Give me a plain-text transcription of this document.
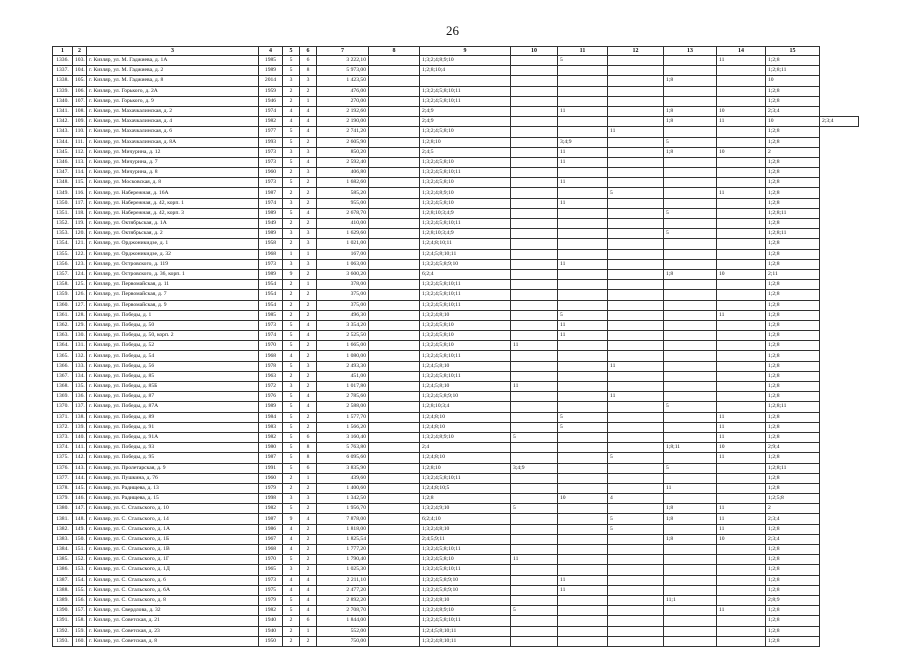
26
1	2	3	4	5	6	7	8	9	10	11	12	13	14	15	
1336.	103.	г. Кизляр, ул. М. Гаджиева, д. 1А	1985	5	6	3 222,10		1;3;2;4;8;9;10		5			11	1;2;8	
1337.	104.	г. Кизляр, ул. М. Гаджиева, д. 2	1989	5	8	5 973,00		1;2;8;10;4						1;2;8;11	
1338.	105.	г. Кизляр, ул. М. Гаджиева, д. 8	2014	3	3	1 423,50						1;8		10	
1339.	106.	г. Кизляр, ул. Горького, д. 2А	1959	2	2	476,00		1;3;2;4;5;8;10;11						1;2;8	
1340.	107.	г. Кизляр, ул. Горького, д. 9	1946	2	1	270,00		1;3;2;4;5;8;10;11						1;2;8	
1341.	108.	г. Кизляр, ул. Махачкалинская, д. 2	1974	4	4	2 192,60		2;4;9		11		1;8	10	2;3;4	
1342.	109.	г. Кизляр, ул. Махачкалинская, д. 4	1982	4	4	2 190,00		2;4;9				1;8	11	10	2;3;4
1343.	110.	г. Кизляр, ул. Махачкалинская, д. 6	1977	5	4	2 741,20		1;3;2;4;5;8;10			11			1;2;8	
1344.	111.	г. Кизляр, ул. Махачкалинская, д. 8А	1993	5	2	2 605,90		1;2;8;10		3;4;9		5		1;2;8	
1345.	112.	г. Кизляр, ул. Мичурина, д. 12	1973	3	3	850,20		2;4;5		11		1;8	10	2	
1346.	113.	г. Кизляр, ул. Мичурина, д. 7	1973	5	4	2 592,40		1;3;2;4;5;8;10		11				1;2;8	
1347.	114.	г. Кизляр, ул. Мичурина, д. 8	1960	2	3	406,80		1;3;2;4;5;8;10;11						1;2;8	
1348.	115.	г. Кизляр, ул. Московская, д. 8	1973	5	2	1 682,60		1;3;2;4;5;8;10		11				1;2;8	
1349.	116.	г. Кизляр, ул. Набережная, д. 16А	1987	2	2	585,20		1;3;2;4;8;9;10			5		11	1;2;8	
1350.	117.	г. Кизляр, ул. Набережная, д. 42, корп. 1	1974	3	2	955,00		1;3;2;4;5;8;10		11				1;2;8	
1351.	118.	г. Кизляр, ул. Набережная, д. 42, корп. 3	1989	5	4	2 678,70		1;2;8;10;3;4;9				5		1;2;8;11	
1352.	119.	г. Кизляр, ул. Октябрьская, д. 1А	1949	2	2	410,00		1;3;2;4;5;8;10;11						1;2;8	
1353.	120.	г. Кизляр, ул. Октябрьская, д. 2	1989	3	3	1 629,60		1;2;8;10;3;4;9				5		1;2;8;11	
1354.	121.	г. Кизляр, ул. Орджоникидзе, д. 1	1958	2	3	1 021,00		1;2;4;8;10;11						1;2;8	
1355.	122.	г. Кизляр, ул. Орджоникидзе, д. 32	1968	1	1	167,00		1;2;4;5;8;10;11						1;2;8	
1356.	123.	г. Кизляр, ул. Островского, д. 119	1973	3	3	1 063,00		1;3;2;4;5;8;9;10		11				1;2;8	
1357.	124.	г. Кизляр, ул. Островского, д. 36, корп. 1	1989	9	2	3 600,20		6;2;4				1;8	10	2;11	
1358.	125.	г. Кизляр, ул. Первомайская, д. 11	1954	2	1	378,00		1;3;2;4;5;8;10;11						1;2;8	
1359.	126.	г. Кизляр, ул. Первомайская, д. 7	1954	2	2	375,00		1;3;2;4;5;8;10;11						1;2;8	
1360.	127.	г. Кизляр, ул. Первомайская, д. 9	1954	2	2	375,00		1;3;2;4;5;8;10;11						1;2;8	
1361.	128.	г. Кизляр, ул. Победы, д. 1	1985	2	2	496,30		1;3;2;4;8;10		5			11	1;2;8	
1362.	129.	г. Кизляр, ул. Победы, д. 50	1973	5	4	3 354,20		1;3;2;4;5;8;10		11				1;2;8	
1363.	130.	г. Кизляр, ул. Победы, д. 50, корп. 2	1974	5	4	2 525,50		1;3;2;4;5;8;10		11				1;2;8	
1364.	131.	г. Кизляр, ул. Победы, д. 52	1970	5	2	1 665,00		1;3;2;4;5;8;10	11					1;2;8	
1365.	132.	г. Кизляр, ул. Победы, д. 54	1968	4	2	1 080,00		1;3;2;4;5;8;10;11						1;2;8	
1366.	133.	г. Кизляр, ул. Победы, д. 56	1978	5	3	2 493,30		1;2;4;5;8;10			11			1;2;8	
1367.	134.	г. Кизляр, ул. Победы, д. 85	1963	2	2	451,00		1;3;2;4;5;8;10;11						1;2;8	
1368.	135.	г. Кизляр, ул. Победы, д. 85Б	1972	3	2	1 017,80		1;2;4;5;8;10	11					1;2;8	
1369.	136.	г. Кизляр, ул. Победы, д. 87	1976	5	4	2 785,60		1;3;2;4;5;8;9;10			11			1;2;8	
1370.	137.	г. Кизляр, ул. Победы, д. 87А	1989	5	4	2 588,00		1;2;8;10;3;4				5		1;2;8;11	
1371.	138.	г. Кизляр, ул. Победы, д. 89	1984	5	2	1 577,70		1;2;4;8;10		5			11	1;2;8	
1372.	139.	г. Кизляр, ул. Победы, д. 91	1983	5	2	1 566,20		1;2;4;8;10		5			11	1;2;8	
1373.	140.	г. Кизляр, ул. Победы, д. 91А	1982	5	6	3 160,40		1;3;2;4;8;9;10	5				11	1;2;8	
1374.	141.	г. Кизляр, ул. Победы, д. 93	1980	5	8	5 763,80		2;4				1;8;11	10	2;9;4	
1375.	142.	г. Кизляр, ул. Победы, д. 95	1987	5	8	6 095,60		1;2;4;8;10			5		11	1;2;8	
1376.	143.	г. Кизляр, ул. Пролетарская, д. 9	1991	5	6	3 835,90		1;2;8;10	3;4;9			5		1;2;8;11	
1377.	144.	г. Кизляр, ул. Пушкина, д. 76	1960	2	1	439,60		1;3;2;4;5;8;10;11						1;2;8	
1378.	145.	г. Кизляр, ул. Радищева, д. 13	1979	2	2	1 400,60		1;2;4;8;10;5				11		1;2;8	
1379.	146.	г. Кизляр, ул. Радищева, д. 15	1998	3	3	1 342,50		1;2;8		10	4			1;2;5;8	
1380.	147.	г. Кизляр, ул. С. Стальского, д. 10	1982	5	2	1 956,70		1;3;2;4;9;10	5			1;8	11	2	
1381.	148.	г. Кизляр, ул. С. Стальского, д. 14	1987	9	4	7 878,00		6;2;4;10			5	1;8	11	2;3;4	
1382.	149.	г. Кизляр, ул. С. Стальского, д. 1А	1986	4	2	1 818,00		1;3;2;4;8;10			5		11	1;2;8	
1383.	150.	г. Кизляр, ул. С. Стальского, д. 1Б	1967	4	2	1 825,54		2;4;5;9;11				1;8	10	2;3;4	
1384.	151.	г. Кизляр, ул. С. Стальского, д. 1В	1968	4	2	1 777,20		1;3;2;4;5;8;10;11						1;2;8	
1385.	152.	г. Кизляр, ул. С. Стальского, д. 1Г	1970	5	2	1 790,40		1;3;2;4;5;8;10	11					1;2;8	
1386.	153.	г. Кизляр, ул. С. Стальского, д. 1Д	1965	3	2	1 025,30		1;3;2;4;5;8;10;11						1;2;8	
1387.	154.	г. Кизляр, ул. С. Стальского, д. 6	1973	4	4	2 211,10		1;3;2;4;5;8;9;10		11				1;2;8	
1388.	155.	г. Кизляр, ул. С. Стальского, д. 6А	1975	4	4	2 477,20		1;3;2;4;5;8;9;10		11				1;2;8	
1389.	156.	г. Кизляр, ул. С. Стальского, д. 8	1979	5	4	2 892,20		1;3;2;4;8;10				11;1		2;8;9	
1390.	157.	г. Кизляр, ул. Свердлова, д. 32	1982	5	4	2 708,70		1;3;2;4;8;9;10	5				11	1;2;8	
1391.	158.	г. Кизляр, ул. Советская, д. 21	1940	2	6	1 844,00		1;3;2;4;5;8;10;11						1;2;8	
1392.	159.	г. Кизляр, ул. Советская, д. 23	1940	2	1	552,00		1;2;4;5;8;10;11						1;2;8	
1393.	160.	г. Кизляр, ул. Советская, д. 8	1950	2	2	750,00		1;3;2;4;8;10;11						1;2;8	
